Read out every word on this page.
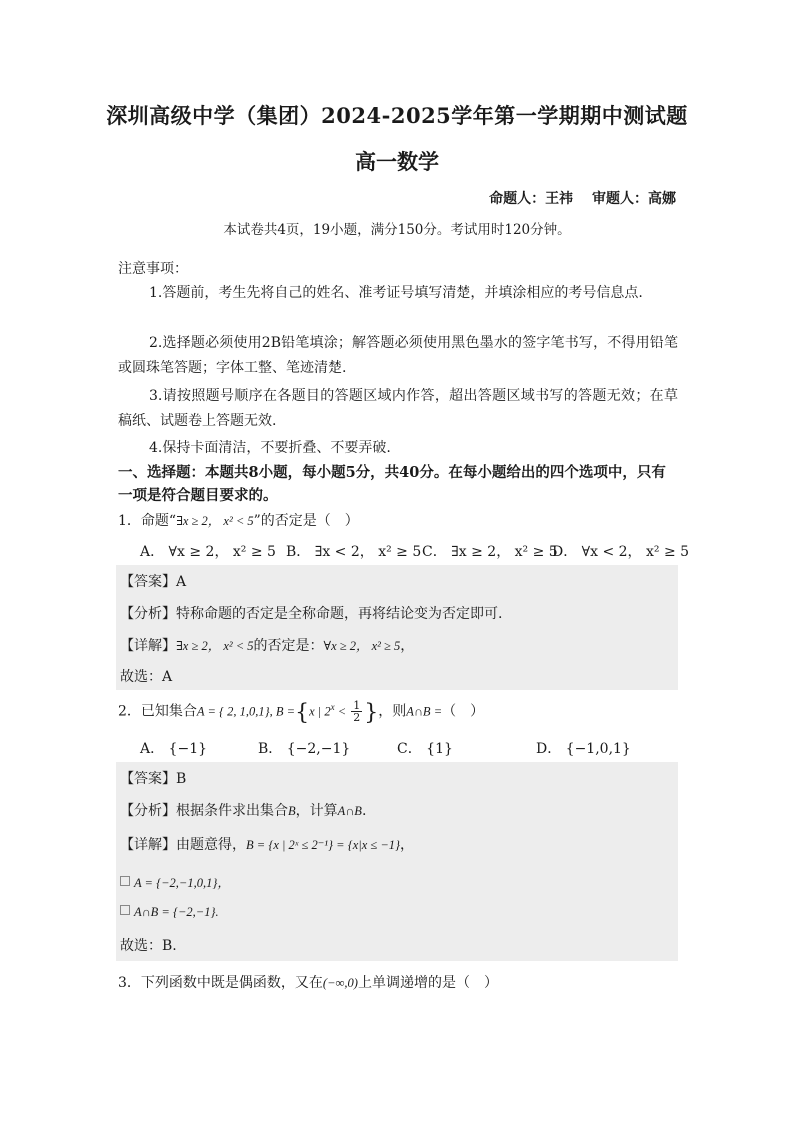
深圳高级中学（集团）2024-2025学年第一学期期中测试题
高一数学
命题人：王祎 审题人：高娜
本试卷共4页，19小题，满分150分。考试用时120分钟。
注意事项：
1.答题前，考生先将自己的姓名、准考证号填写清楚，并填涂相应的考号信息点.
2.选择题必须使用2B铅笔填涂；解答题必须使用黑色墨水的签字笔书写，不得用铅笔或圆珠笔答题；字体工整、笔迹清楚.
3.请按照题号顺序在各题目的答题区域内作答，超出答题区域书写的答题无效；在草稿纸、试题卷上答题无效.
4.保持卡面清洁，不要折叠、不要弄破.
一、选择题：本题共8小题，每小题5分，共40分。在每小题给出的四个选项中，只有一项是符合题目要求的。
1．命题“∃x ≥ 2， x² < 5”的否定是（　）
A． ∀x ≥ 2， x² ≥ 5 B． ∃x < 2， x² ≥ 5 C． ∃x ≥ 2， x² ≥ 5
D． ∀x < 2， x² ≥ 5
【答案】A
【分析】特称命题的否定是全称命题，再将结论变为否定即可.
【详解】∃x ≥ 2， x² < 5的否定是：∀x ≥ 2， x² ≥ 5，
故选：A
2．已知集合A = { 2, 1,0,1}, B ={x | $2^x < \frac{1}{2}$ }，则A∩B =（　）
A． {−1}	B． {−2,−1}	C． {1}	D． {−1,0,1}
【答案】B
【分析】根据条件求出集合B，计算A∩B.
【详解】由题意得，B = {x | 2ˣ ≤ 2⁻¹} = {x|x ≤ −1}，
A = {−2,−1,0,1}，
A∩B = {−2,−1}.
故选：B.
3．下列函数中既是偶函数，又在(−∞,0)上单调递增的是（　）
